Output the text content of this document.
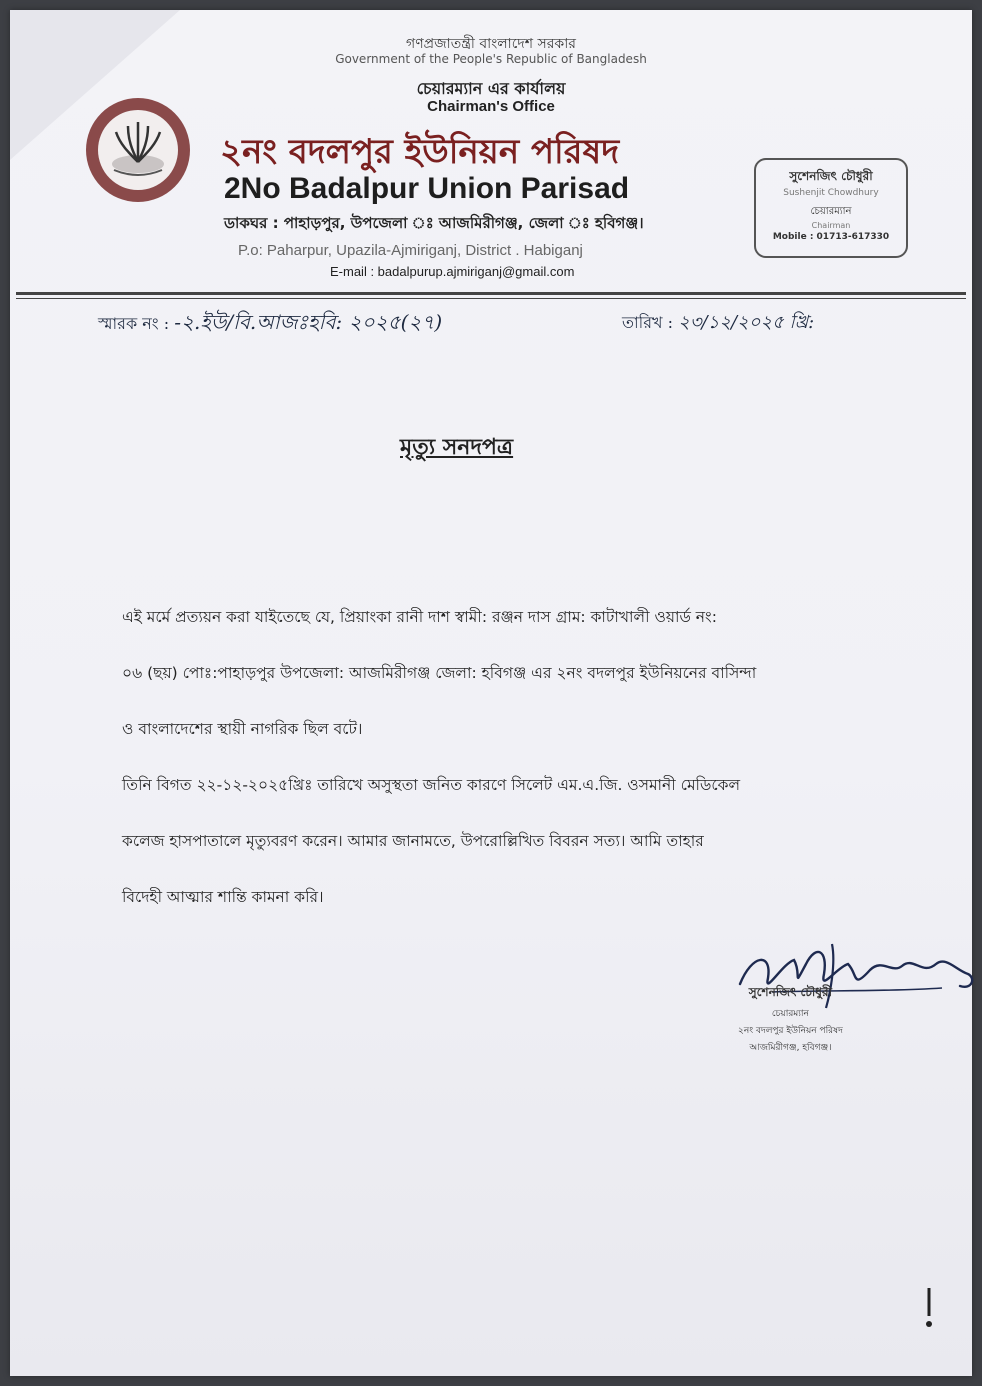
গণপ্রজাতন্ত্রী বাংলাদেশ সরকার
Government of the People's Republic of Bangladesh
চেয়ারম্যান এর কার্যালয়
Chairman's Office
২নং বদলপুর ইউনিয়ন পরিষদ
2No Badalpur Union Parisad
ডাকঘর : পাহাড়পুর, উপজেলা ঃ আজমিরীগঞ্জ, জেলা ঃ হবিগঞ্জ।
P.o: Paharpur, Upazila-Ajmiriganj, District . Habiganj
E-mail : badalpurup.ajmiriganj@gmail.com
সুশেনজিৎ চৌধুরী
Sushenjit Chowdhury
চেয়ারম্যান
Chairman
Mobile : 01713-617330
স্মারক নং : -২.ইউ/বি.আজঃহবি: ২০২৫(২৭)	তারিখ : ২৩/১২/২০২৫ খ্রি:
মৃত্যু সনদপত্র
এই মর্মে প্রত্যয়ন করা যাইতেছে যে, প্রিয়াংকা রানী দাশ স্বামী: রঞ্জন দাস গ্রাম: কাটাখালী ওয়ার্ড নং:
০৬ (ছয়) পোঃ:পাহাড়পুর উপজেলা: আজমিরীগঞ্জ জেলা: হবিগঞ্জ এর ২নং বদলপুর ইউনিয়নের বাসিন্দা
ও বাংলাদেশের স্থায়ী নাগরিক ছিল বটে।
তিনি বিগত ২২-১২-২০২৫খ্রিঃ তারিখে অসুস্থতা জনিত কারণে সিলেট এম.এ.জি. ওসমানী মেডিকেল
কলেজ হাসপাতালে মৃত্যুবরণ করেন। আমার জানামতে, উপরোল্লিখিত বিবরন সত্য। আমি তাহার
বিদেহী আত্মার শান্তি কামনা করি।
সুশেনজিৎ চৌধুরী
চেয়ারম্যান
২নং বদলপুর ইউনিয়ন পরিষদ
আজমিরীগঞ্জ, হবিগঞ্জ।
